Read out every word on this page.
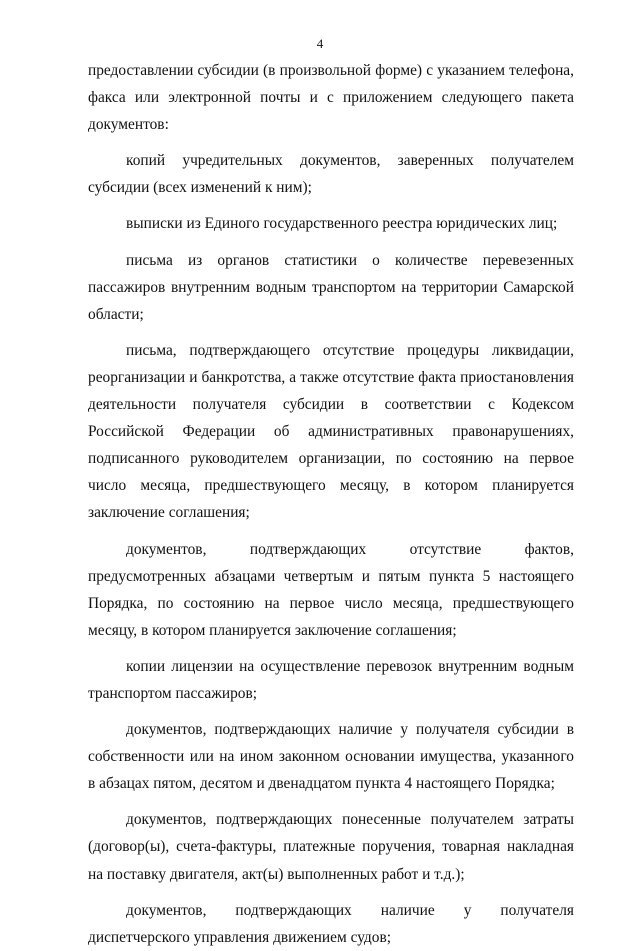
4

предоставлении субсидии (в произвольной форме) с указанием телефона, факса или электронной почты и с приложением следующего пакета документов:

копий учредительных документов, заверенных получателем субсидии (всех изменений к ним);

выписки из Единого государственного реестра юридических лиц;

письма из органов статистики о количестве перевезенных пассажиров внутренним водным транспортом на территории Самарской области;

письма, подтверждающего отсутствие процедуры ликвидации, реорганизации и банкротства, а также отсутствие факта приостановления деятельности получателя субсидии в соответствии с Кодексом Российской Федерации об административных правонарушениях, подписанного руководителем организации, по состоянию на первое число месяца, предшествующего месяцу, в котором планируется заключение соглашения;

документов, подтверждающих отсутствие фактов, предусмотренных абзацами четвертым и пятым пункта 5 настоящего Порядка, по состоянию на первое число месяца, предшествующего месяцу, в котором планируется заключение соглашения;

копии лицензии на осуществление перевозок внутренним водным транспортом пассажиров;

документов, подтверждающих наличие у получателя субсидии в собственности или на ином законном основании имущества, указанного в абзацах пятом, десятом и двенадцатом пункта 4 настоящего Порядка;

документов, подтверждающих понесенные получателем затраты (договор(ы), счета-фактуры, платежные поручения, товарная накладная на поставку двигателя, акт(ы) выполненных работ и т.д.);

документов, подтверждающих наличие у получателя диспетчерского управления движением судов;
